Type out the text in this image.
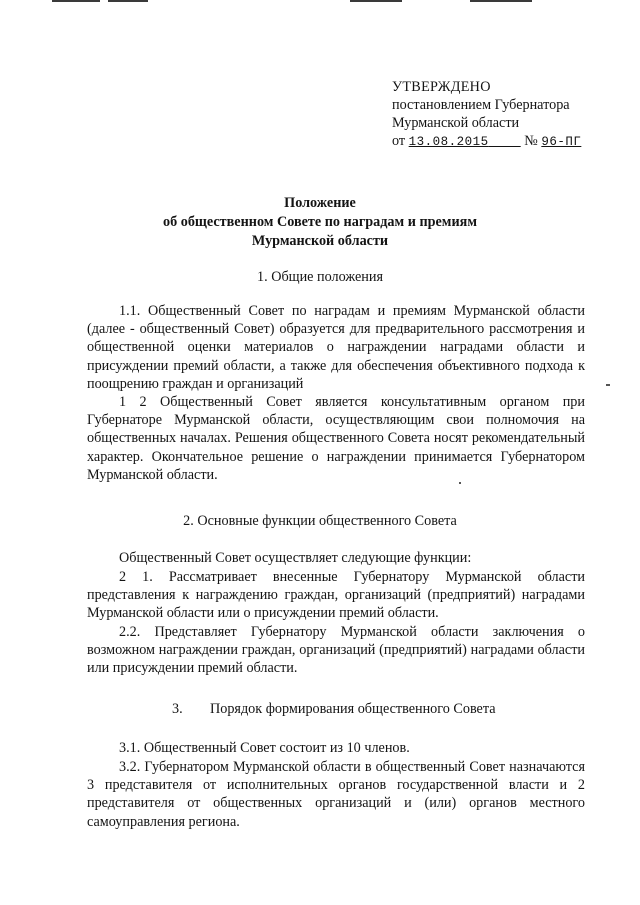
УТВЕРЖДЕНО
постановлением Губернатора
Мурманской области
от 13.08.2015	№ 96-ПГ
Положение
об общественном Совете по наградам и премиям
Мурманской области
1. Общие положения
1.1. Общественный Совет по наградам и премиям Мурманской области (далее - общественный Совет) образуется для предварительного рассмотрения и общественной оценки материалов о награждении наградами области и присуждении премий области, а также для обеспечения объективного подхода к поощрению граждан и организаций
1 2 Общественный Совет является консультативным органом при Губернаторе Мурманской области, осуществляющим свои полномочия на общественных началах. Решения общественного Совета носят рекомендательный характер. Окончательное решение о награждении принимается Губернатором Мурманской области.
2. Основные функции общественного Совета
Общественный Совет осуществляет следующие функции:
2 1. Рассматривает внесенные Губернатору Мурманской области представления к награждению граждан, организаций (предприятий) наградами Мурманской области или о присуждении премий области.
2.2. Представляет Губернатору Мурманской области заключения о возможном награждении граждан, организаций (предприятий) наградами области или присуждении премий области.
3. Порядок формирования общественного Совета
3.1. Общественный Совет состоит из 10 членов.
3.2. Губернатором Мурманской области в общественный Совет назначаются 3 представителя от исполнительных органов государственной власти и 2 представителя от общественных организаций и (или) органов местного самоуправления региона.
